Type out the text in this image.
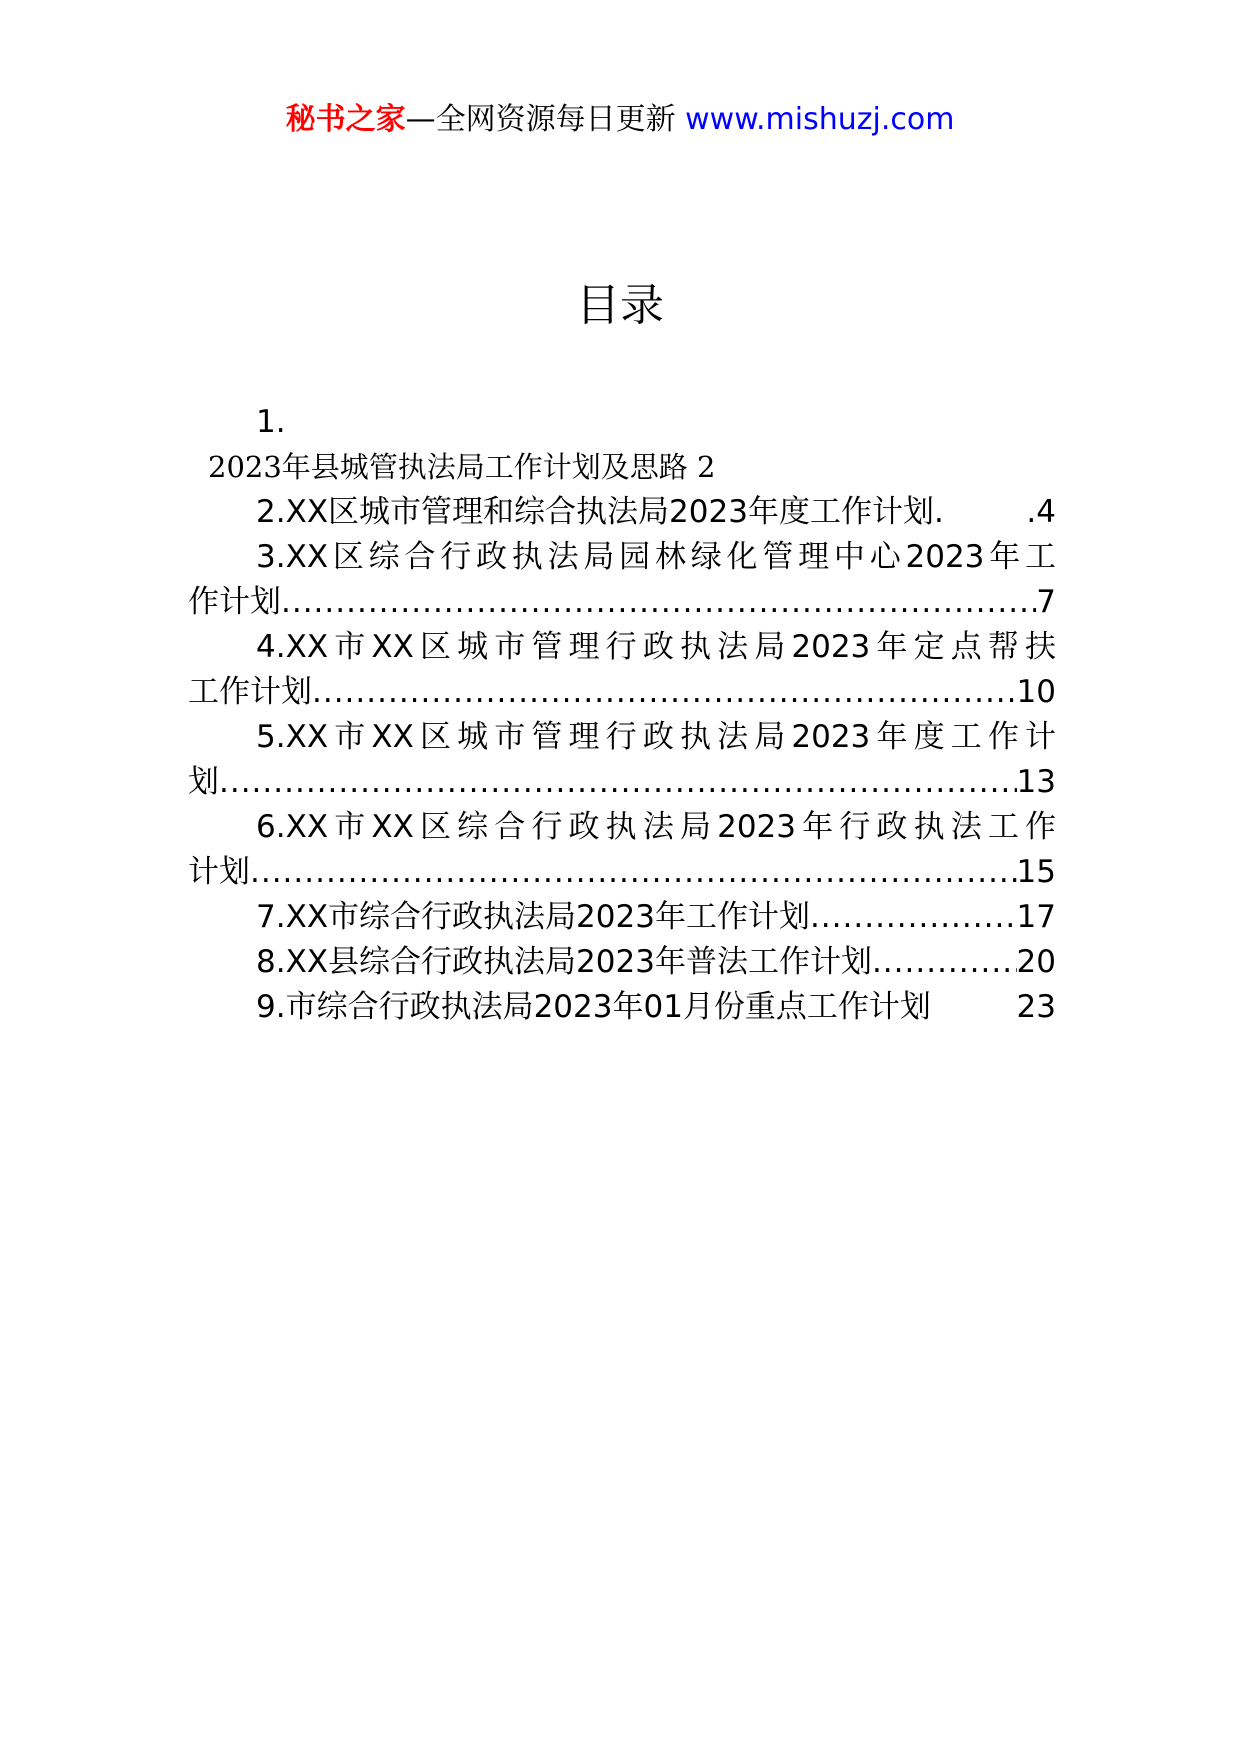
秘书之家—全网资源每日更新 www.mishuzj.com
目录
1.
2023年县城管执法局工作计划及思路 2
2.XX区城市管理和综合执法局2023年度工作计划.	.4
3.XX区综合行政执法局园林绿化管理中心2023年工
作计划 .....	7
4.XX市XX区城市管理行政执法局2023年定点帮扶
工作计划 .....	10
5.XX市XX区城市管理行政执法局2023年度工作计
划 .....	13
6.XX市XX区综合行政执法局2023年行政执法工作
计划 .....	15
7.XX市综合行政执法局2023年工作计划 .....	17
8.XX县综合行政执法局2023年普法工作计划 .....	20
9.市综合行政执法局2023年01月份重点工作计划	23
